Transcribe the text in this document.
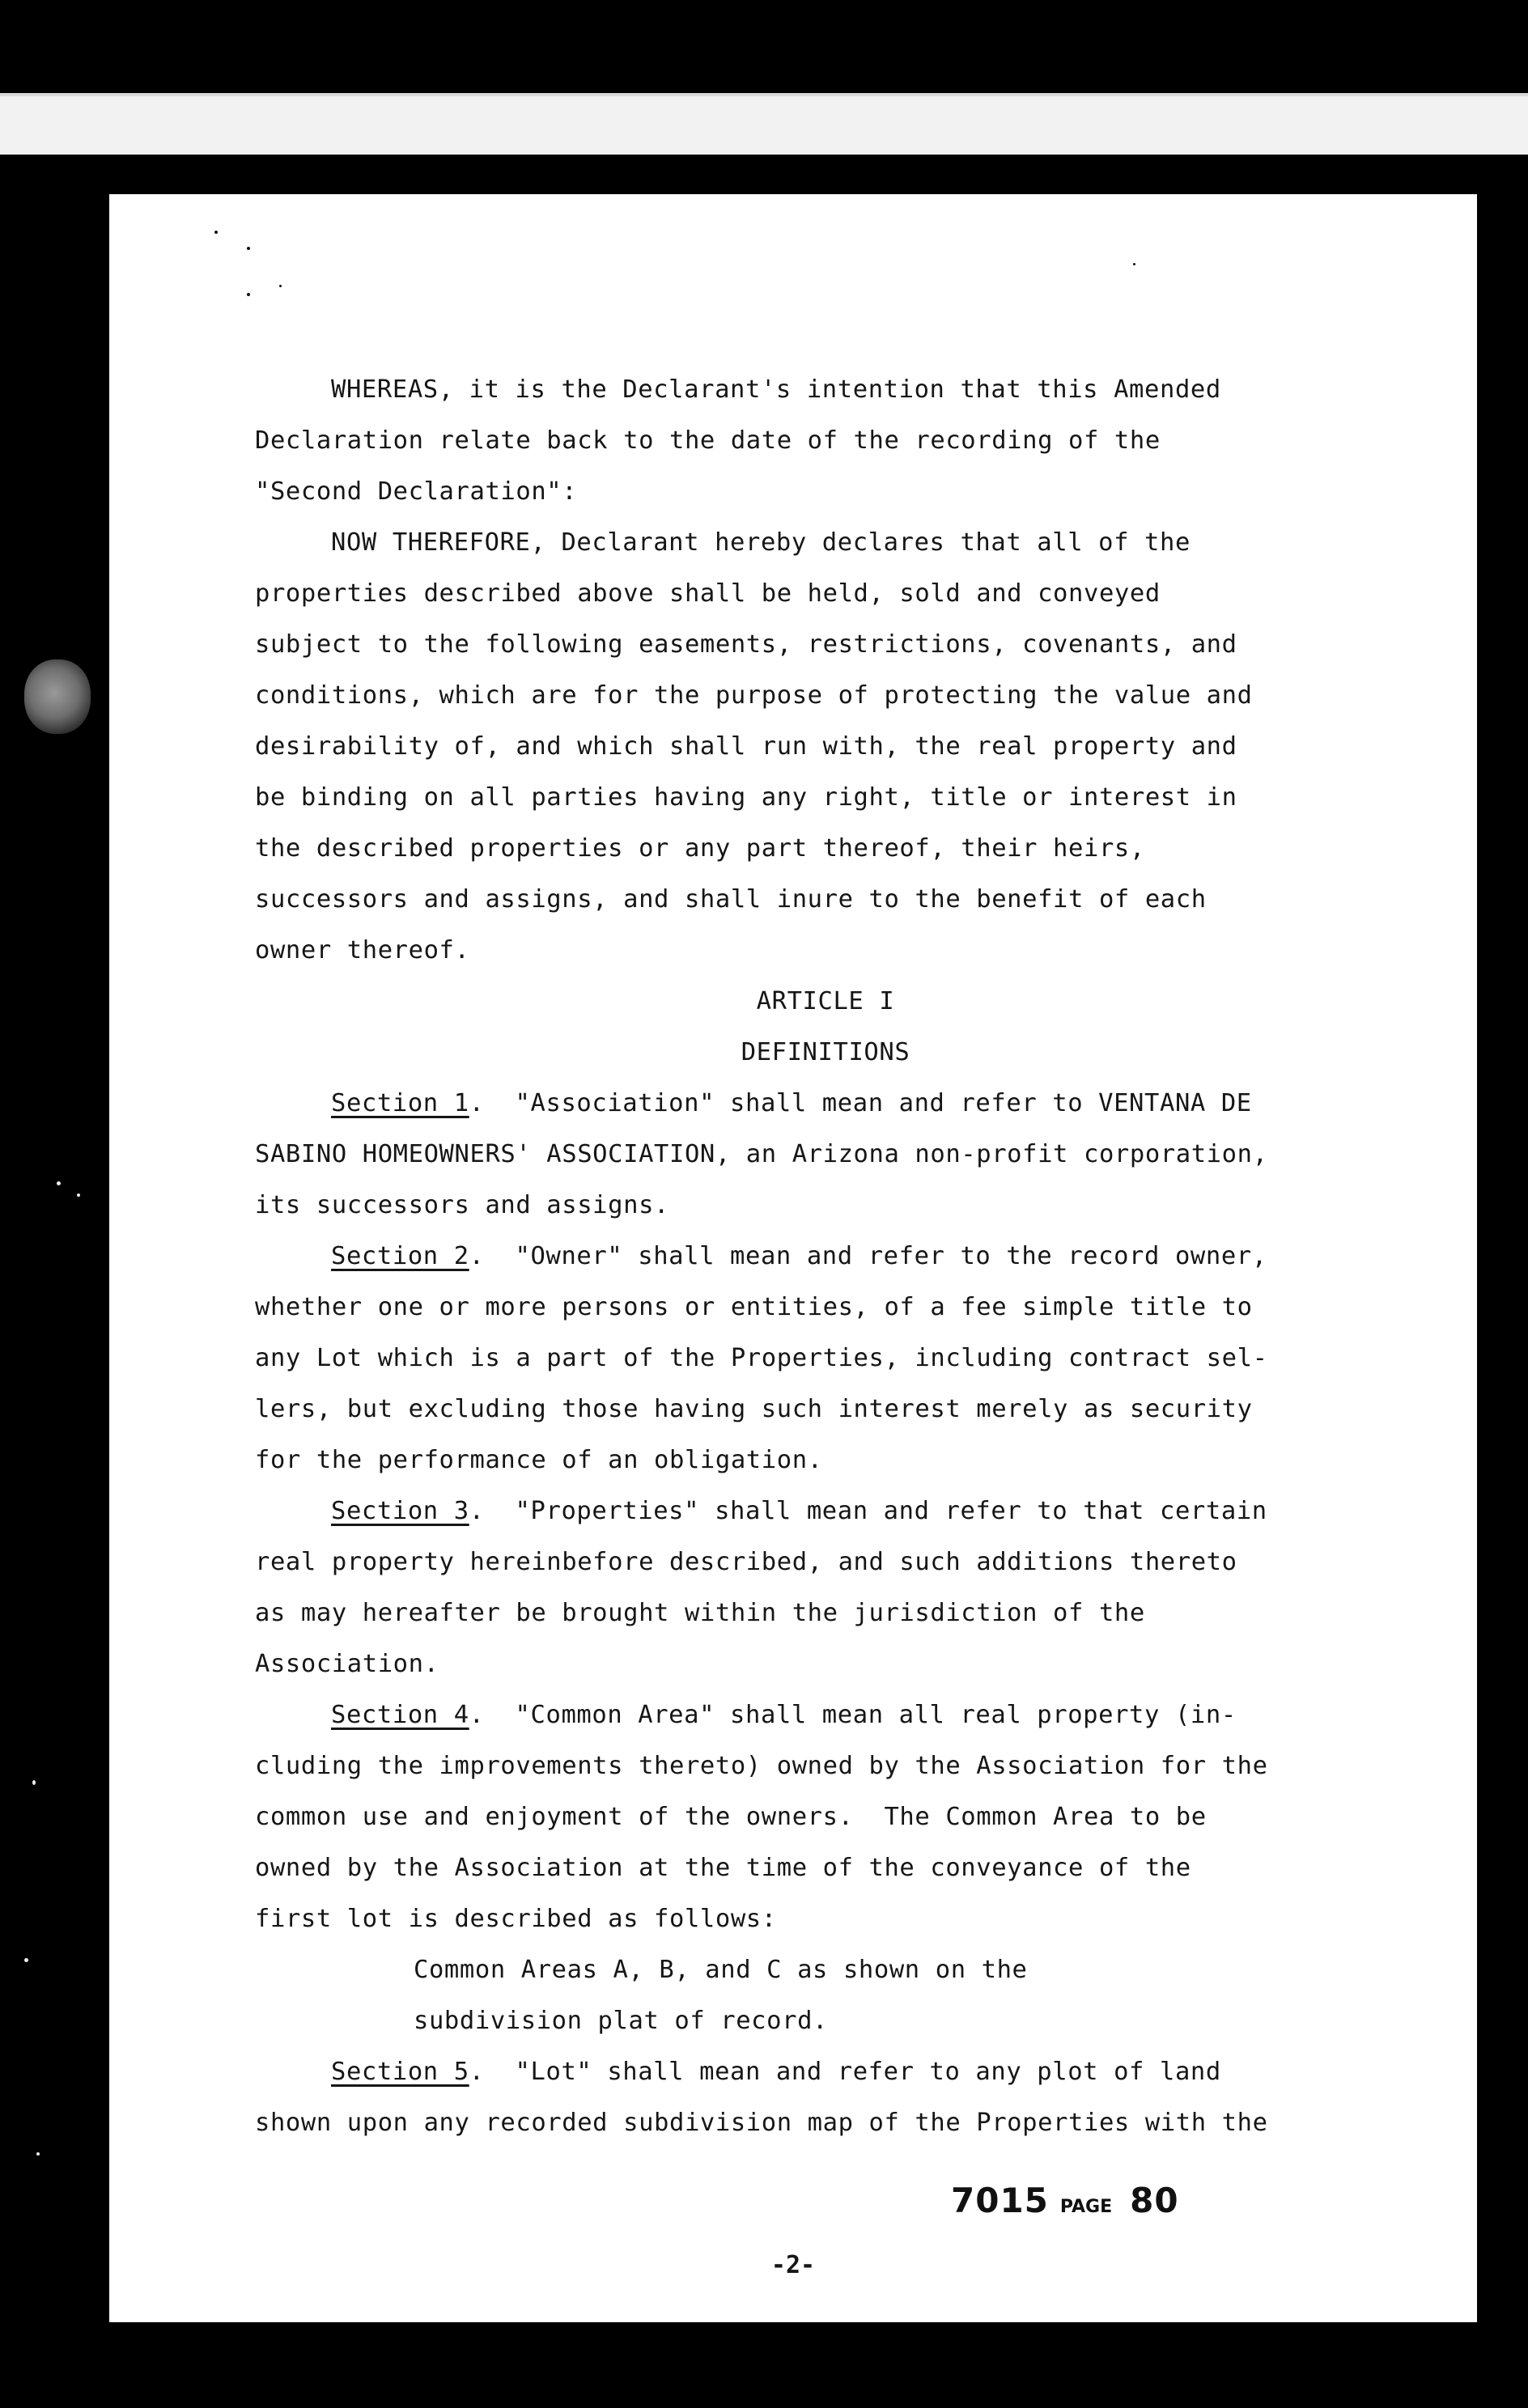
WHEREAS, it is the Declarant's intention that this Amended
Declaration relate back to the date of the recording of the
"Second Declaration":
NOW THEREFORE, Declarant hereby declares that all of the
properties described above shall be held, sold and conveyed
subject to the following easements, restrictions, covenants, and
conditions, which are for the purpose of protecting the value and
desirability of, and which shall run with, the real property and
be binding on all parties having any right, title or interest in
the described properties or any part thereof, their heirs,
successors and assigns, and shall inure to the benefit of each
owner thereof.
ARTICLE I
DEFINITIONS
Section 1.  "Association" shall mean and refer to VENTANA DE
SABINO HOMEOWNERS' ASSOCIATION, an Arizona non-profit corporation,
its successors and assigns.
Section 2.  "Owner" shall mean and refer to the record owner,
whether one or more persons or entities, of a fee simple title to
any Lot which is a part of the Properties, including contract sel-
lers, but excluding those having such interest merely as security
for the performance of an obligation.
Section 3.  "Properties" shall mean and refer to that certain
real property hereinbefore described, and such additions thereto
as may hereafter be brought within the jurisdiction of the
Association.
Section 4.  "Common Area" shall mean all real property (in-
cluding the improvements thereto) owned by the Association for the
common use and enjoyment of the owners.  The Common Area to be
owned by the Association at the time of the conveyance of the
first lot is described as follows:
Common Areas A, B, and C as shown on the
subdivision plat of record.
Section 5.  "Lot" shall mean and refer to any plot of land
shown upon any recorded subdivision map of the Properties with the
7015 PAGE 80
-2-
